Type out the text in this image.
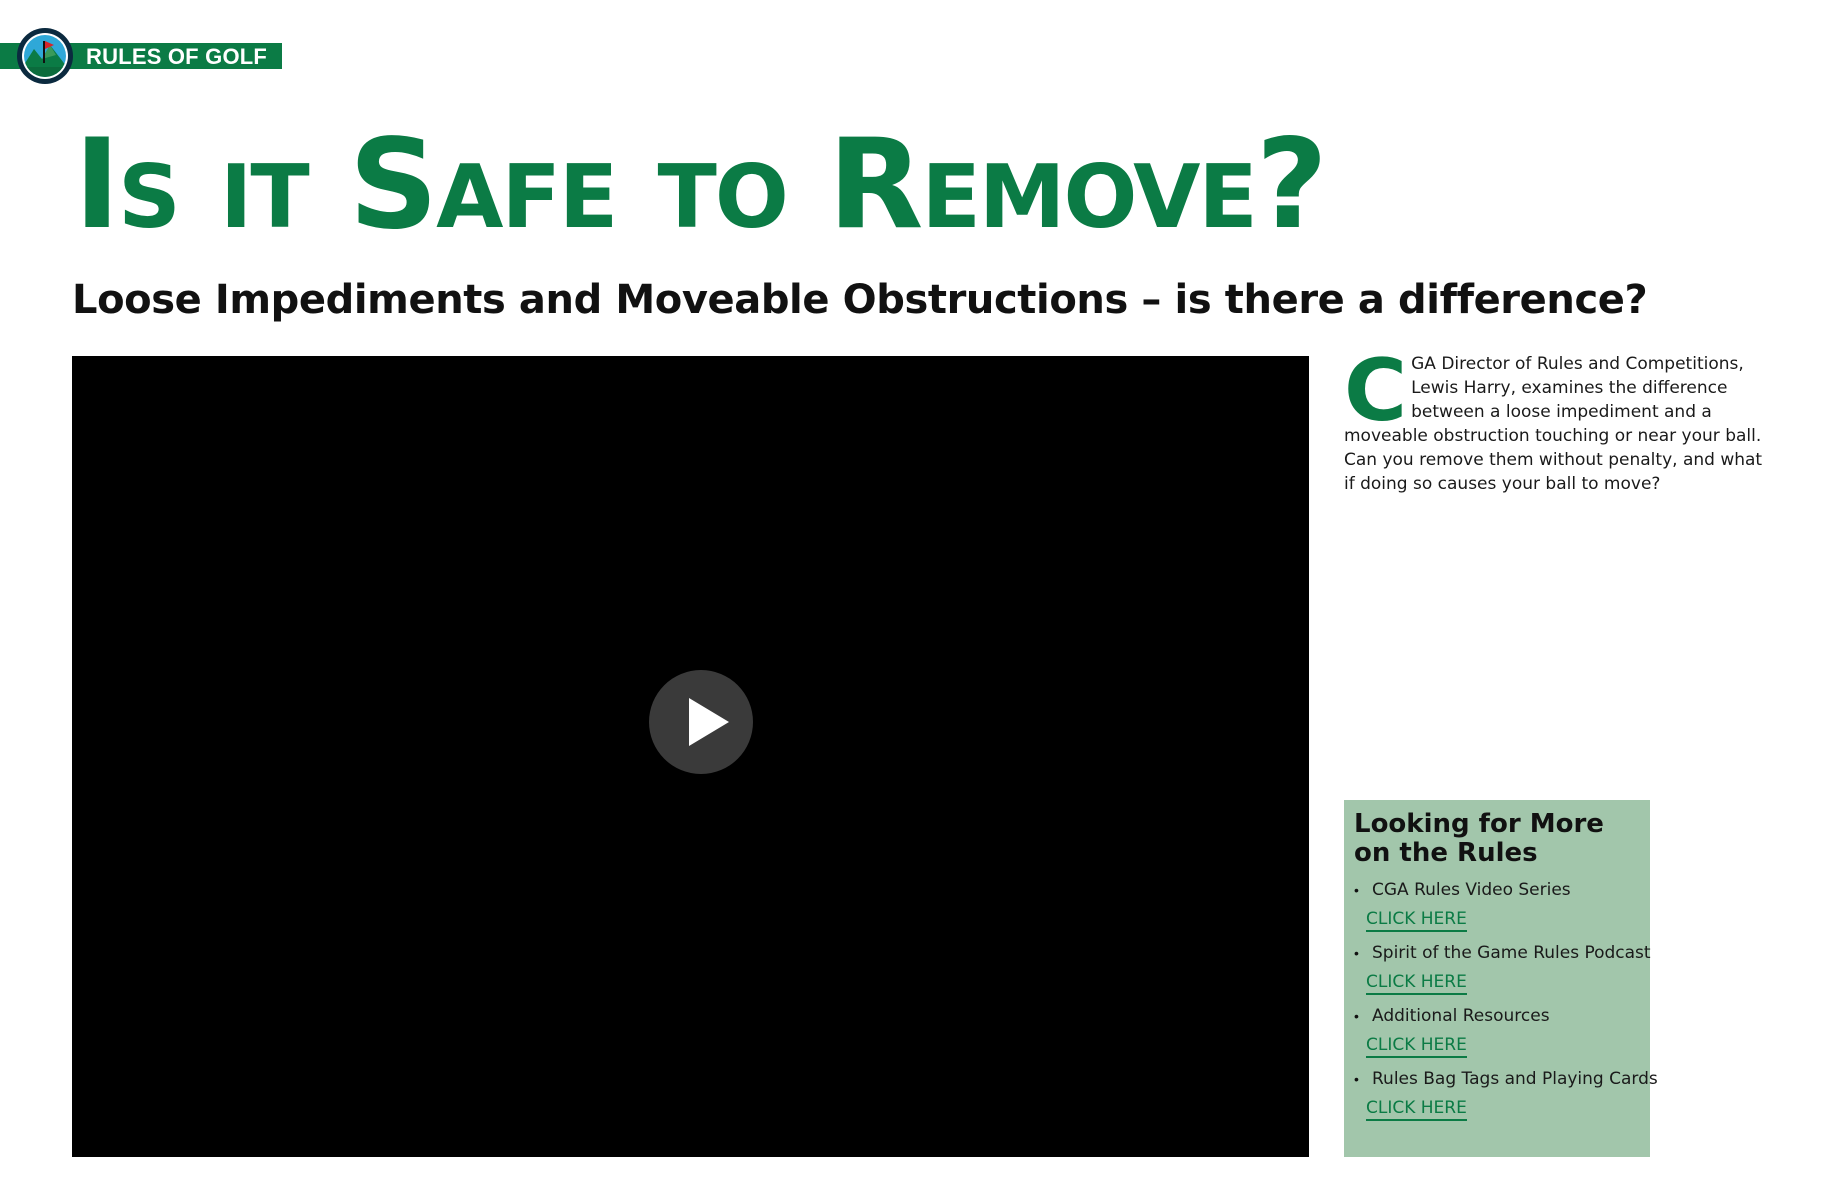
RULES OF GOLF
Is it Safe to Remove?
Loose Impediments and Moveable Obstructions – is there a difference?
C GA Director of Rules and Competitions, Lewis Harry, examines the difference between a loose impediment and a moveable obstruction touching or near your ball. Can you remove them without penalty, and what if doing so causes your ball to move?
Looking for More on the Rules
• CGA Rules Video Series
CLICK HERE
• Spirit of the Game Rules Podcast
CLICK HERE
• Additional Resources
CLICK HERE
• Rules Bag Tags and Playing Cards
CLICK HERE
